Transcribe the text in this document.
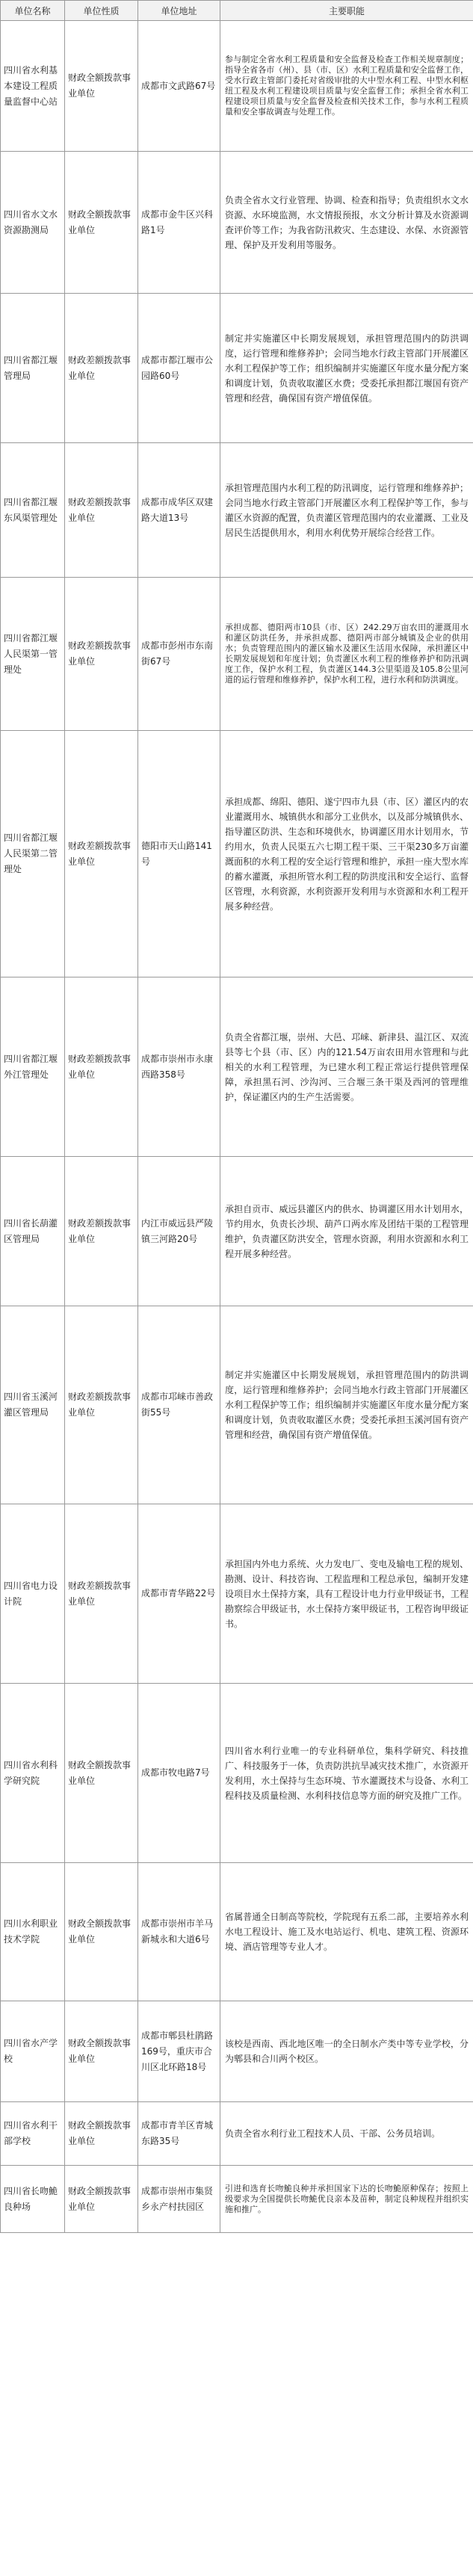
单位名称	单位性质	单位地址	主要职能
四川省水利基本建设工程质量监督中心站	财政全额拨款事业单位	成都市文武路67号	参与制定全省水利工程质量和安全监督及检查工作相关规章制度；指导全省各市（州）、县（市、区）水利工程质量和安全监督工作，受水行政主管部门委托对省级审批的大中型水利工程、中型水利枢纽工程及水利工程建设项目质量与安全监督工作；承担全省水利工程建设项目质量与安全监督及检查相关技术工作，参与水利工程质量和安全事故调查与处理工作。
四川省水文水资源勘测局	财政全额拨款事业单位	成都市金牛区兴科路1号	负责全省水文行业管理、协调、检查和指导；负责组织水文水资源、水环境监测，水文情报预报，水文分析计算及水资源调查评价等工作；为我省防汛救灾、生态建设、水保、水资源管理、保护及开发利用等服务。
四川省都江堰管理局	财政差额拨款事业单位	成都市都江堰市公园路60号	制定并实施灌区中长期发展规划，承担管理范围内的防洪调度，运行管理和维修养护；会同当地水行政主管部门开展灌区水利工程保护等工作；组织编制并实施灌区年度水量分配方案和调度计划，负责收取灌区水费；受委托承担都江堰国有资产管理和经营，确保国有资产增值保值。
四川省都江堰东风渠管理处	财政差额拨款事业单位	成都市成华区双建路大道13号	承担管理范围内水利工程的防汛调度，运行管理和维修养护；会同当地水行政主管部门开展灌区水利工程保护等工作，参与灌区水资源的配置，负责灌区管理范围内的农业灌溉、工业及居民生活提供用水，利用水利优势开展综合经营工作。
四川省都江堰人民渠第一管理处	财政差额拨款事业单位	成都市彭州市东南街67号	承担成都、德阳两市10县（市、区）242.29万亩农田的灌溉用水和灌区防洪任务，并承担成都、德阳两市部分城镇及企业的供用水；负责管理范围内的灌区输水及灌区生活用水保障，承担灌区中长期发展规划和年度计划；负责灌区水利工程的维修养护和防汛调度工作，保护水利工程，负责灌区144.3公里渠道及105.8公里河道的运行管理和维修养护，保护水利工程，进行水利和防洪调度。
四川省都江堰人民渠第二管理处	财政差额拨款事业单位	德阳市天山路141号	承担成都、绵阳、德阳、遂宁四市九县（市、区）灌区内的农业灌溉用水、城镇供水和部分工业供水，以及部分城镇供水、指导灌区防洪、生态和环境供水，协调灌区用水计划用水，节约用水，负责人民渠五六七期工程干渠、三干渠230多万亩灌溉面积的水利工程的安全运行管理和维护，承担一座大型水库的蓄水灌溉，承担所管水利工程的防洪度汛和安全运行、监督区管理，水利资源，水利资源开发利用与水资源和水利工程开展多种经营。
四川省都江堰外江管理处	财政差额拨款事业单位	成都市崇州市永康西路358号	负责全省都江堰，崇州、大邑、邛崃、新津县、温江区、双流县等七个县（市、区）内的121.54万亩农田用水管理和与此相关的水利工程管理，为已建水利工程正常运行提供管理保障，承担黑石河、沙沟河、三合堰三条干渠及西河的管理维护，保证灌区内的生产生活需要。
四川省长葫灌区管理局	财政差额拨款事业单位	内江市威远县严陵镇三河路20号	承担自贡市、威远县灌区内的供水、协调灌区用水计划用水，节约用水，负责长沙坝、葫芦口两水库及团结干渠的工程管理维护，负责灌区防洪安全，管理水资源，利用水资源和水利工程开展多种经营。
四川省玉溪河灌区管理局	财政差额拨款事业单位	成都市邛崃市善政街55号	制定并实施灌区中长期发展规划，承担管理范围内的防洪调度，运行管理和维修养护；会同当地水行政主管部门开展灌区水利工程保护等工作；组织编制并实施灌区年度水量分配方案和调度计划，负责收取灌区水费；受委托承担玉溪河国有资产管理和经营，确保国有资产增值保值。
四川省电力设计院	财政差额拨款事业单位	成都市青华路22号	承担国内外电力系统、火力发电厂、变电及输电工程的规划、勘测、设计、科技咨询、工程监理和工程总承包，编制开发建设项目水土保持方案，具有工程设计电力行业甲级证书，工程勘察综合甲级证书，水土保持方案甲级证书，工程咨询甲级证书。
四川省水利科学研究院	财政全额拨款事业单位	成都市牧电路7号	四川省水利行业唯一的专业科研单位，集科学研究、科技推广、科技服务于一体，负责防洪抗旱减灾技术推广，水资源开发利用，水土保持与生态环境、节水灌溉技术与设备、水利工程科技及质量检测、水利科技信息等方面的研究及推广工作。
四川水利职业技术学院	财政全额拨款事业单位	成都市崇州市羊马新城永和大道6号	省属普通全日制高等院校，学院现有五系二部，主要培养水利水电工程设计、施工及水电站运行、机电、建筑工程、资源环境、酒店管理等专业人才。
四川省水产学校	财政全额拨款事业单位	成都市郫县杜鹃路169号，重庆市合川区北环路18号	该校是西南、西北地区唯一的全日制水产类中等专业学校，分为郫县和合川两个校区。
四川省水利干部学校	财政全额拨款事业单位	成都市青羊区青城东路35号	负责全省水利行业工程技术人员、干部、公务员培训。
四川省长吻鮠良种场	财政全额拨款事业单位	成都市崇州市集贤乡永产村扶园区	引进和选育长吻鮠良种并承担国家下达的长吻鮠原种保存；按照上级要求为全国提供长吻鮠优良亲本及苗种，制定良种规程并组织实施和推广。
